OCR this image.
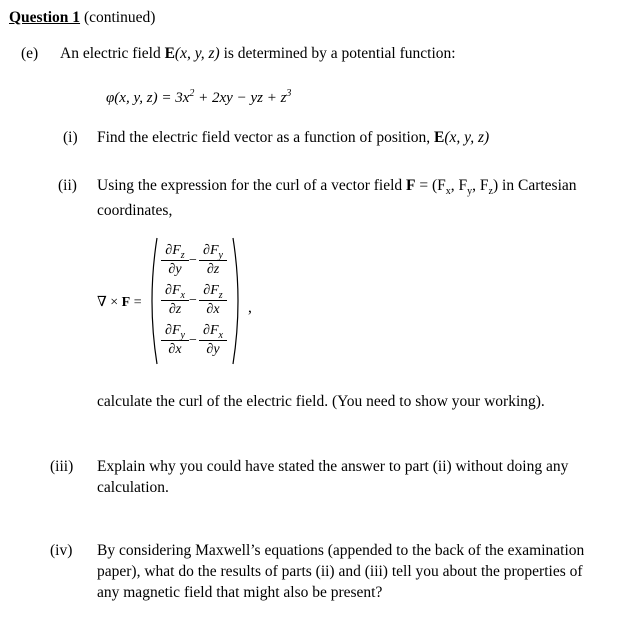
Question 1 (continued)
(e) An electric field E(x, y, z) is determined by a potential function:
φ(x, y, $z) = 3x^2 + 2xy$ − yz + $z^3$
(i) Find the electric field vector as a function of position, E(x, y, z)
(ii) Using the expression for the curl of a vector field $F = (F_x$, $F_y$, $F_z$) in Cartesian
coordinates,
∇ × F =
$\partial F_z$
∂y
$\partial F_y$
∂z
−
$\partial F_x$
∂z
$\partial F_z$
∂x
−
$\partial F_y$
∂x
$\partial F_x$
∂y
−
,
calculate the curl of the electric field. (You need to show your working).
(iii) Explain why you could have stated the answer to part (ii) without doing any
calculation.
(iv) By considering Maxwell’s equations (appended to the back of the examination
paper), what do the results of parts (ii) and (iii) tell you about the properties of
any magnetic field that might also be present?
